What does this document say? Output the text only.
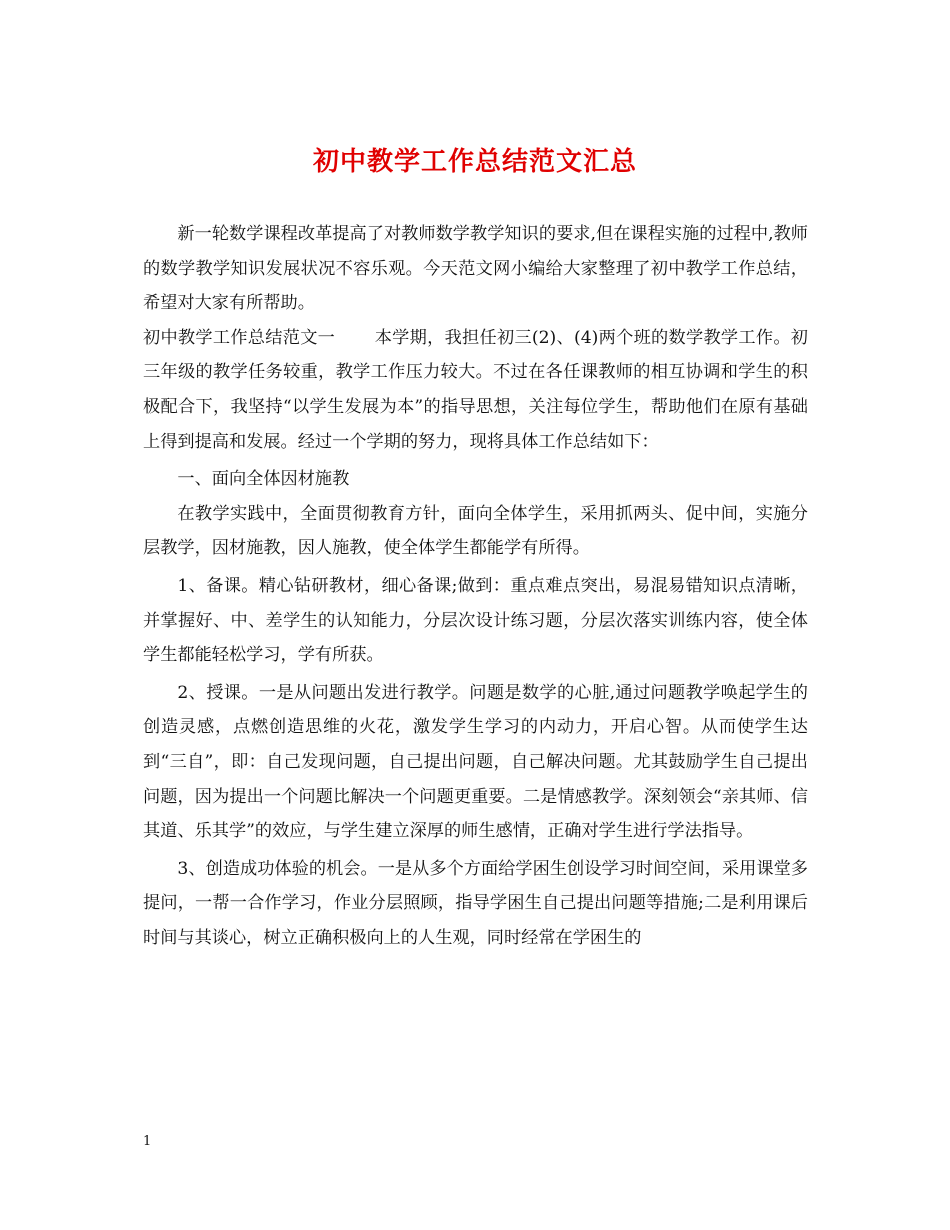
初中教学工作总结范文汇总

新一轮数学课程改革提高了对教师数学教学知识的要求,但在课程实施的过程中,教师的数学教学知识发展状况不容乐观。今天范文网小编给大家整理了初中教学工作总结，希望对大家有所帮助。

初中教学工作总结范文一 本学期，我担任初三(2)、(4)两个班的数学教学工作。初三年级的教学任务较重，教学工作压力较大。不过在各任课教师的相互协调和学生的积极配合下，我坚持“以学生发展为本”的指导思想，关注每位学生，帮助他们在原有基础上得到提高和发展。经过一个学期的努力，现将具体工作总结如下：

一、面向全体因材施教

在教学实践中，全面贯彻教育方针，面向全体学生，采用抓两头、促中间，实施分层教学，因材施教，因人施教，使全体学生都能学有所得。

1、备课。精心钻研教材，细心备课;做到：重点难点突出，易混易错知识点清晰，并掌握好、中、差学生的认知能力，分层次设计练习题，分层次落实训练内容，使全体学生都能轻松学习，学有所获。

2、授课。一是从问题出发进行教学。问题是数学的心脏,通过问题教学唤起学生的创造灵感，点燃创造思维的火花，激发学生学习的内动力，开启心智。从而使学生达到“三自”，即：自己发现问题，自己提出问题，自己解决问题。尤其鼓励学生自己提出问题，因为提出一个问题比解决一个问题更重要。二是情感教学。深刻领会“亲其师、信其道、乐其学”的效应，与学生建立深厚的师生感情，正确对学生进行学法指导。

3、创造成功体验的机会。一是从多个方面给学困生创设学习时间空间，采用课堂多提问，一帮一合作学习，作业分层照顾，指导学困生自己提出问题等措施;二是利用课后时间与其谈心，树立正确积极向上的人生观，同时经常在学困生的

1
